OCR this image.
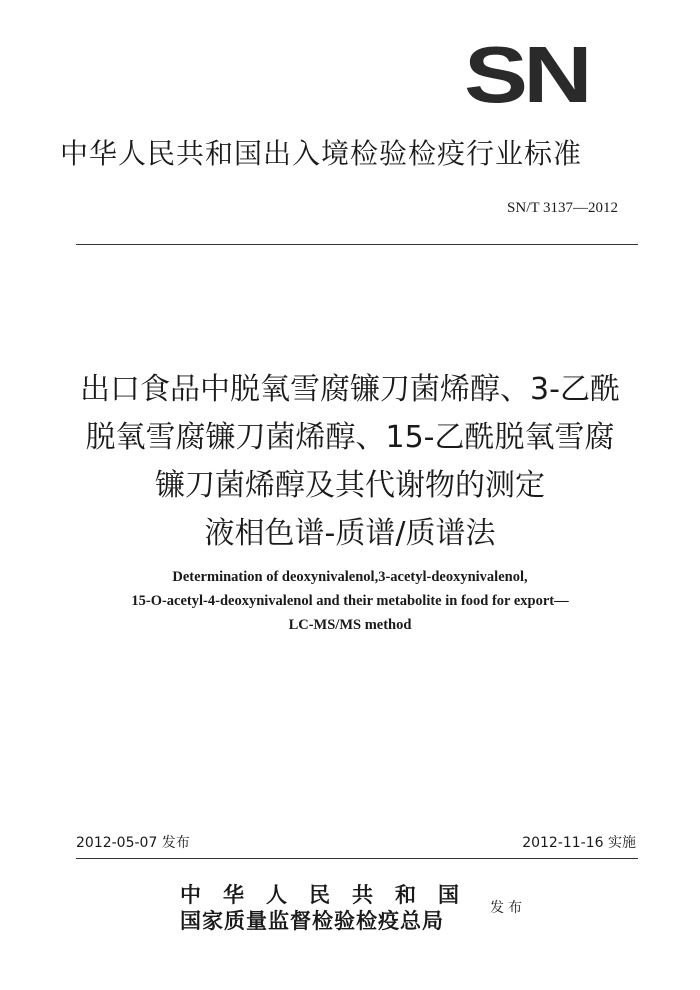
SN
中华人民共和国出入境检验检疫行业标准
SN/T 3137—2012
出口食品中脱氧雪腐镰刀菌烯醇、3-乙酰
脱氧雪腐镰刀菌烯醇、15-乙酰脱氧雪腐
镰刀菌烯醇及其代谢物的测定
液相色谱-质谱/质谱法
Determination of deoxynivalenol,3-acetyl-deoxynivalenol,
15-O-acetyl-4-deoxynivalenol and their metabolite in food for export—
LC-MS/MS method
2012-05-07 发布	2012-11-16 实施
中华人民共和国
国家质量监督检验检疫总局	发布
